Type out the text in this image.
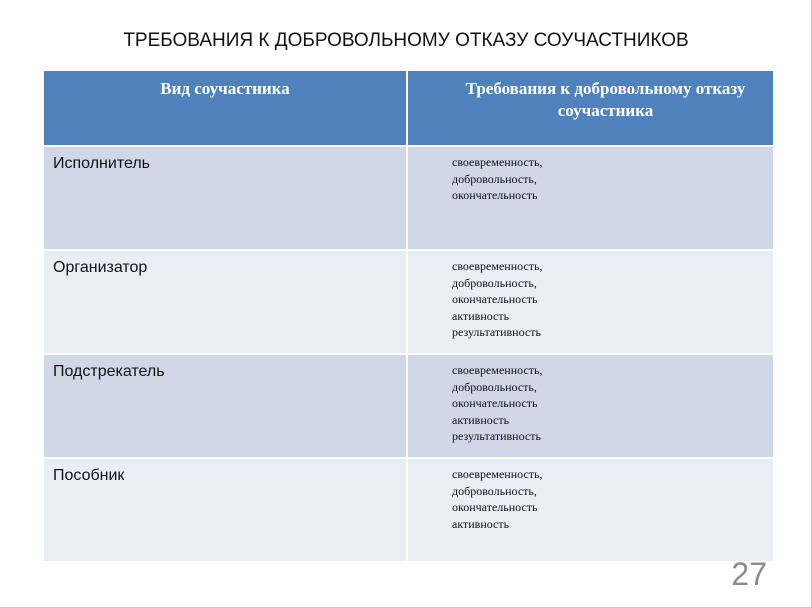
ТРЕБОВАНИЯ К ДОБРОВОЛЬНОМУ ОТКАЗУ СОУЧАСТНИКОВ
Вид соучастника	Требования к добровольному отказу соучастника
Исполнитель	своевременность,
добровольность,
окончательность
Организатор	своевременность,
добровольность,
окончательность
активность
результативность
Подстрекатель	своевременность,
добровольность,
окончательность
активность
результативность
Пособник	своевременность,
добровольность,
окончательность
активность
27
